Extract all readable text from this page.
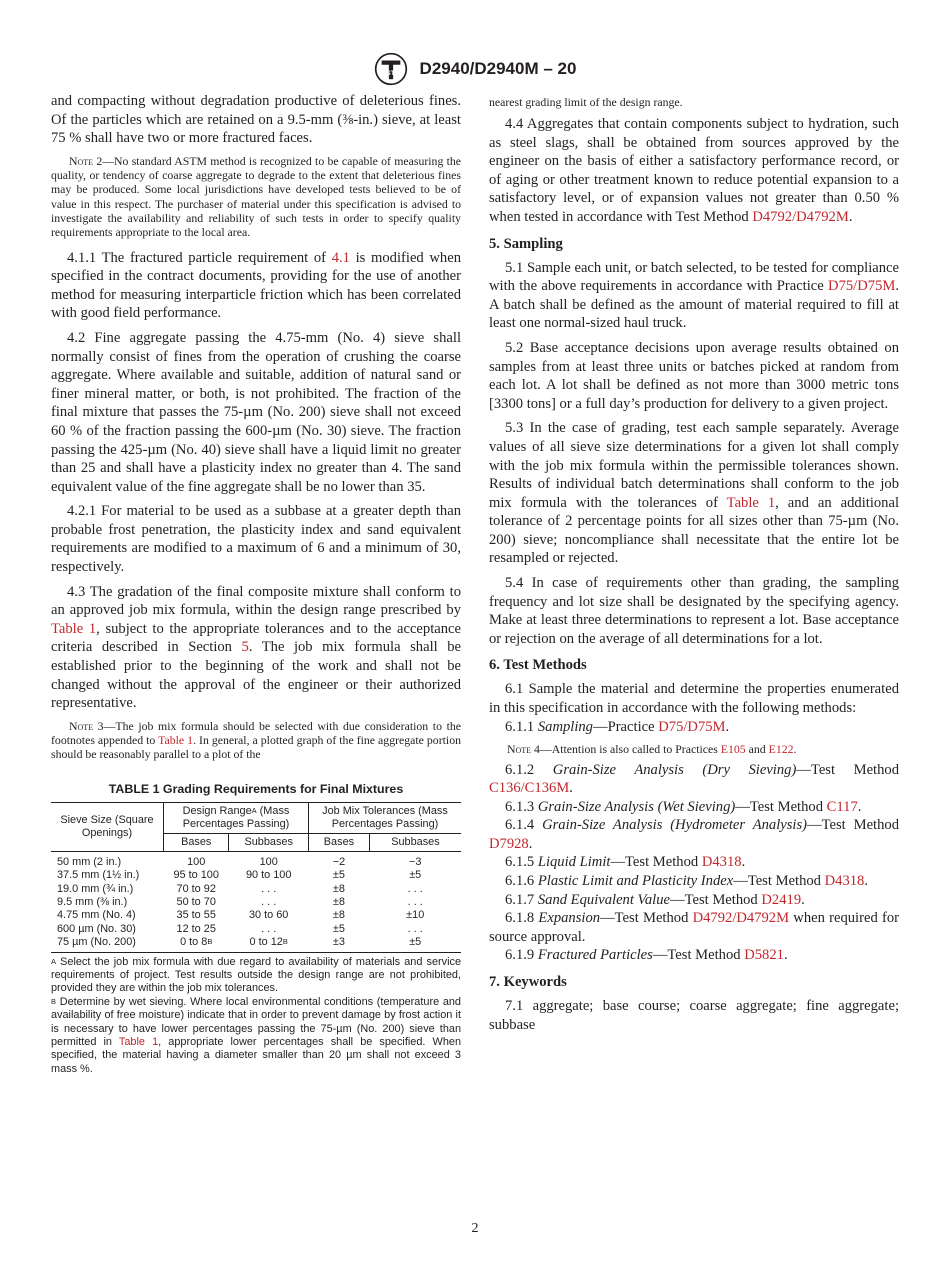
ASTM D2940/D2940M – 20

and compacting without degradation productive of deleterious fines. Of the particles which are retained on a 9.5-mm (⅜-in.) sieve, at least 75 % shall have two or more fractured faces.

Note 2—No standard ASTM method is recognized to be capable of measuring the quality, or tendency of coarse aggregate to degrade to the extent that deleterious fines may be produced. Some local jurisdictions have developed tests believed to be of value in this respect. The purchaser of material under this specification is advised to investigate the availability and reliability of such tests in order to specify quality requirements appropriate to the local area.

4.1.1 The fractured particle requirement of 4.1 is modified when specified in the contract documents, providing for the use of another method for measuring interparticle friction which has been correlated with good field performance.

4.2 Fine aggregate passing the 4.75-mm (No. 4) sieve shall normally consist of fines from the operation of crushing the coarse aggregate. Where available and suitable, addition of natural sand or finer mineral matter, or both, is not prohibited. The fraction of the final mixture that passes the 75-µm (No. 200) sieve shall not exceed 60 % of the fraction passing the 600-µm (No. 30) sieve. The fraction passing the 425-µm (No. 40) sieve shall have a liquid limit no greater than 25 and shall have a plasticity index no greater than 4. The sand equivalent value of the fine aggregate shall be no lower than 35.

4.2.1 For material to be used as a subbase at a greater depth than probable frost penetration, the plasticity index and sand equivalent requirements are modified to a maximum of 6 and a minimum of 30, respectively.

4.3 The gradation of the final composite mixture shall conform to an approved job mix formula, within the design range prescribed by Table 1, subject to the appropriate tolerances and to the acceptance criteria described in Section 5. The job mix formula shall be established prior to the beginning of the work and shall not be changed without the approval of the engineer or their authorized representative.

Note 3—The job mix formula should be selected with due consideration to the footnotes appended to Table 1. In general, a plotted graph of the fine aggregate portion should be reasonably parallel to a plot of the

TABLE 1 Grading Requirements for Final Mixtures
Sieve Size (Square Openings)	Design Range$^A$ (Mass Percentages Passing)		Job Mix Tolerances (Mass Percentages Passing)	
	Bases	Subbases	Bases	Subbases
50 mm (2 in.)	100	100	−2	−3
37.5 mm (1½ in.)	95 to 100	90 to 100	±5	±5
19.0 mm (¾ in.)	70 to 92	. . .	±8	. . .
9.5 mm (⅜ in.)	50 to 70	. . .	±8	. . .
4.75 mm (No. 4)	35 to 55	30 to 60	±8	±10
600 µm (No. 30)	12 to 25	. . .	±5	. . .
75 µm (No. 200)	0 to $8^B$	0 to $12^B$	±3	±5

$^A$ Select the job mix formula with due regard to availability of materials and service requirements of project. Test results outside the design range are not prohibited, provided they are within the job mix tolerances.

$^B$ Determine by wet sieving. Where local environmental conditions (temperature and availability of free moisture) indicate that in order to prevent damage by frost action it is necessary to have lower percentages passing the 75-µm (No. 200) sieve than permitted in Table 1, appropriate lower percentages shall be specified. When specified, the material having a diameter smaller than 20 µm shall not exceed 3 mass %.

nearest grading limit of the design range.

4.4 Aggregates that contain components subject to hydration, such as steel slags, shall be obtained from sources approved by the engineer on the basis of either a satisfactory performance record, or of aging or other treatment known to reduce potential expansion to a satisfactory level, or of expansion values not greater than 0.50 % when tested in accordance with Test Method D4792/D4792M.

5. Sampling

5.1 Sample each unit, or batch selected, to be tested for compliance with the above requirements in accordance with Practice D75/D75M. A batch shall be defined as the amount of material required to fill at least one normal-sized haul truck.

5.2 Base acceptance decisions upon average results obtained on samples from at least three units or batches picked at random from each lot. A lot shall be defined as not more than 3000 metric tons [3300 tons] or a full day’s production for delivery to a given project.

5.3 In the case of grading, test each sample separately. Average values of all sieve size determinations for a given lot shall comply with the job mix formula within the permissible tolerances shown. Results of individual batch determinations shall conform to the job mix formula with the tolerances of Table 1, and an additional tolerance of 2 percentage points for all sizes other than 75-µm (No. 200) sieve; noncompliance shall necessitate that the entire lot be resampled or rejected.

5.4 In case of requirements other than grading, the sampling frequency and lot size shall be designated by the specifying agency. Make at least three determinations to represent a lot. Base acceptance or rejection on the average of all determinations for a lot.

6. Test Methods

6.1 Sample the material and determine the properties enumerated in this specification in accordance with the following methods:

6.1.1 Sampling—Practice D75/D75M.

Note 4—Attention is also called to Practices E105 and E122.

6.1.2 Grain-Size Analysis (Dry Sieving)—Test Method C136/C136M.

6.1.3 Grain-Size Analysis (Wet Sieving)—Test Method C117.

6.1.4 Grain-Size Analysis (Hydrometer Analysis)—Test Method D7928.

6.1.5 Liquid Limit—Test Method D4318.

6.1.6 Plastic Limit and Plasticity Index—Test Method D4318.

6.1.7 Sand Equivalent Value—Test Method D2419.

6.1.8 Expansion—Test Method D4792/D4792M when required for source approval.

6.1.9 Fractured Particles—Test Method D5821.

7. Keywords

7.1 aggregate; base course; coarse aggregate; fine aggregate; subbase

2
